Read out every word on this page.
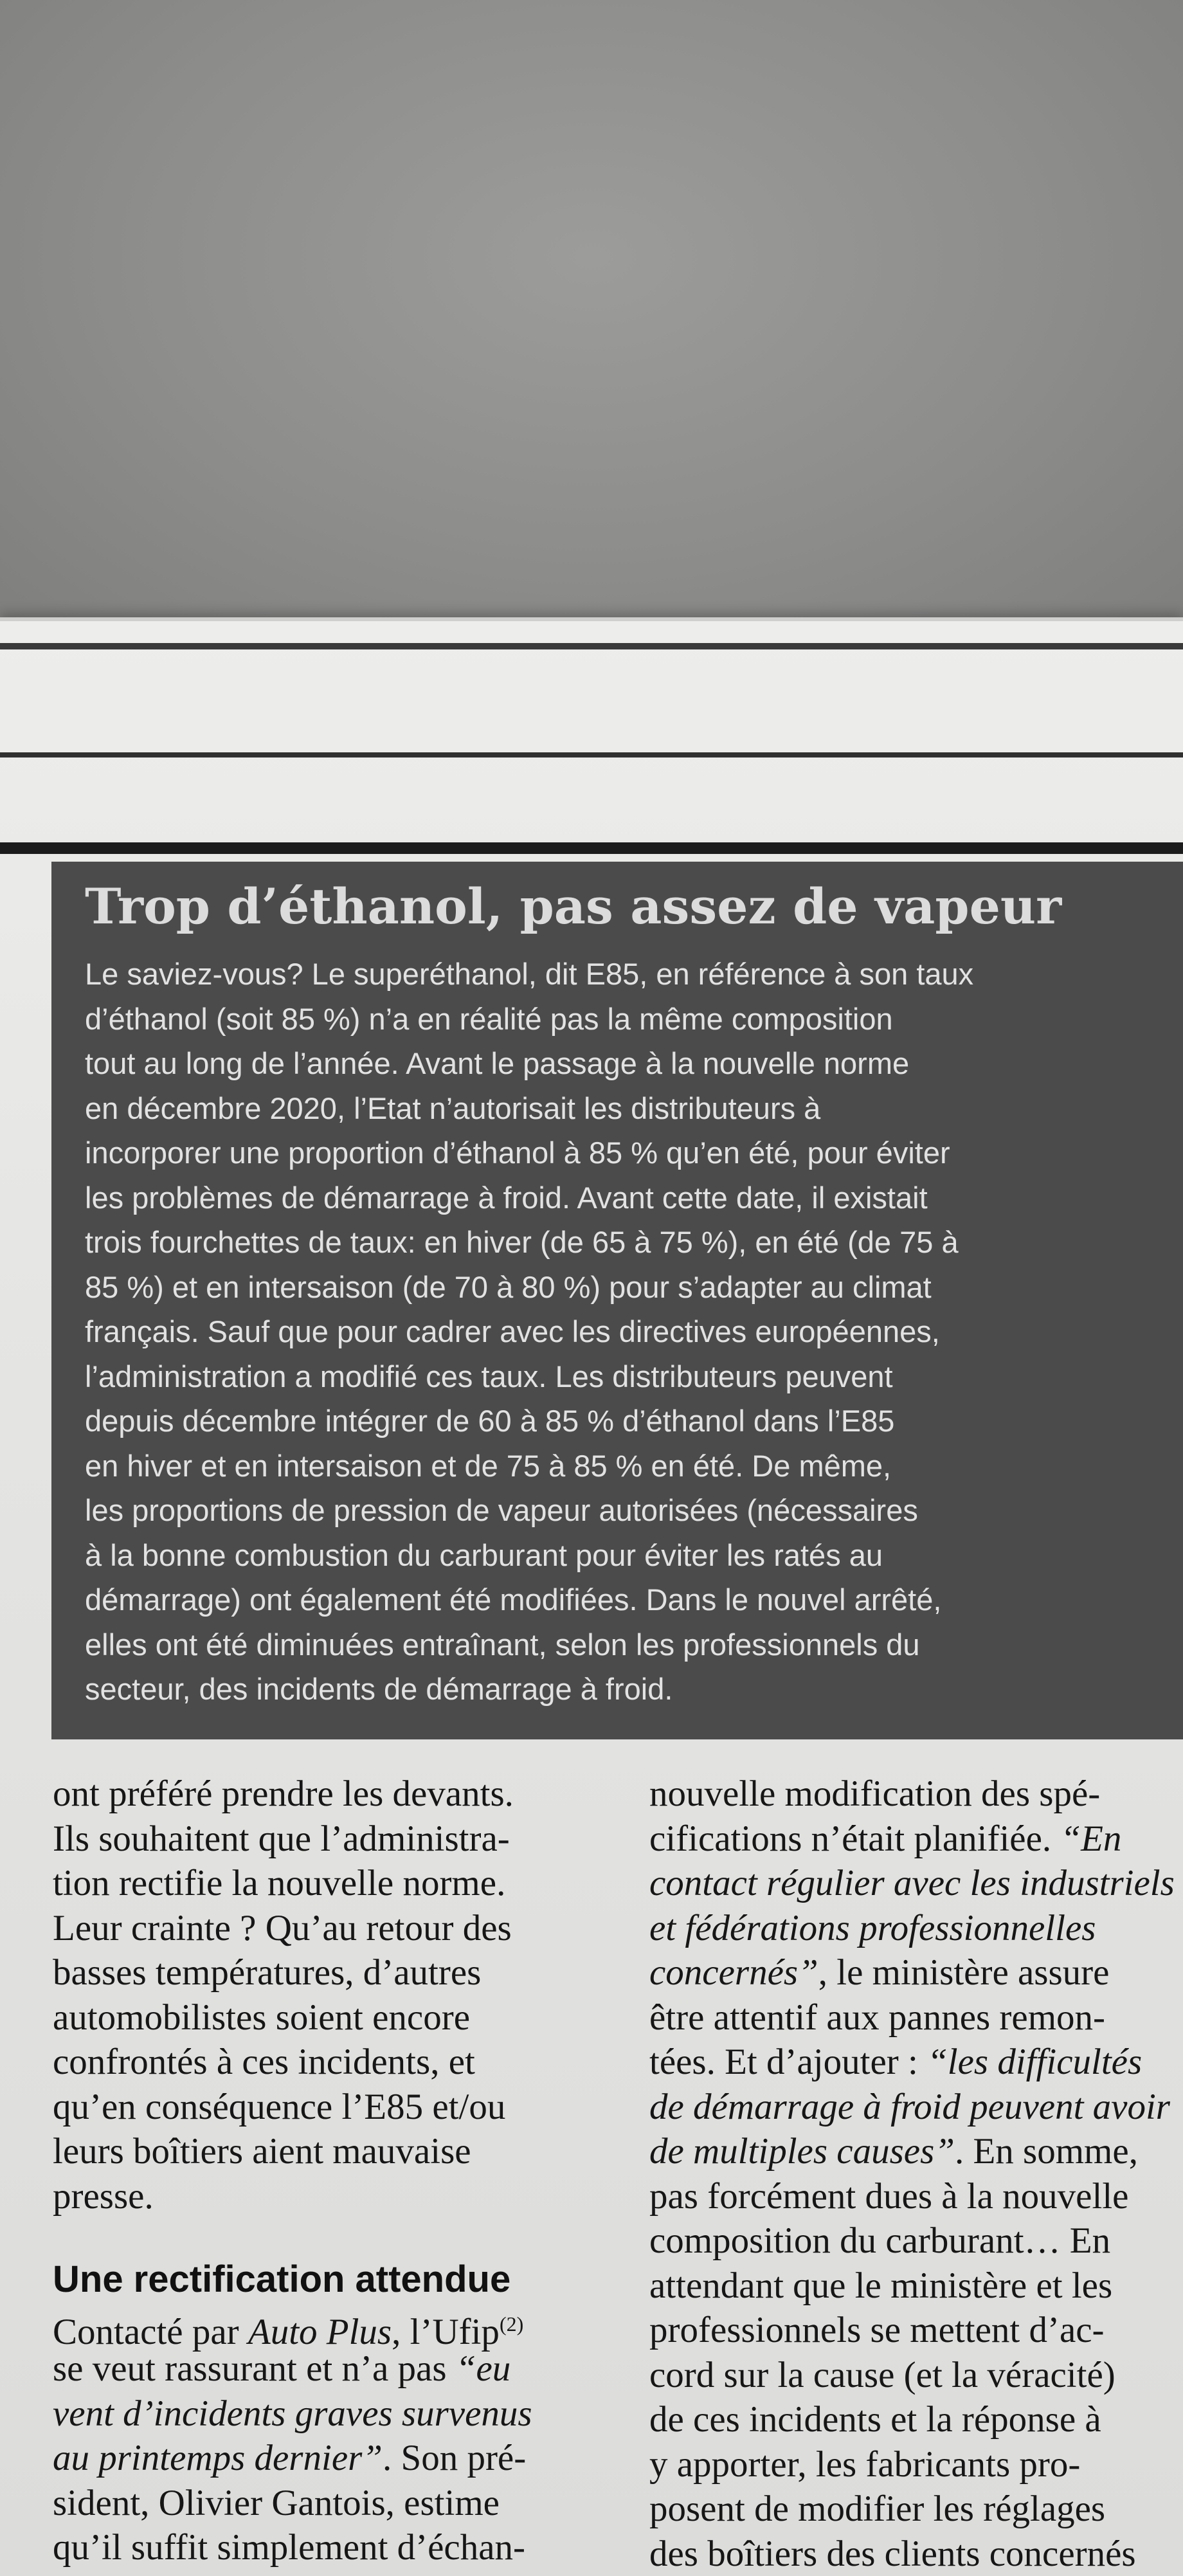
Trop d’éthanol, pas assez de vapeur
Le saviez-vous? Le superéthanol, dit E85, en référence à son taux
d’éthanol (soit 85 %) n’a en réalité pas la même composition
tout au long de l’année. Avant le passage à la nouvelle norme
en décembre 2020, l’Etat n’autorisait les distributeurs à
incorporer une proportion d’éthanol à 85 % qu’en été, pour éviter
les problèmes de démarrage à froid. Avant cette date, il existait
trois fourchettes de taux: en hiver (de 65 à 75 %), en été (de 75 à
85 %) et en intersaison (de 70 à 80 %) pour s’adapter au climat
français. Sauf que pour cadrer avec les directives européennes,
l’administration a modifié ces taux. Les distributeurs peuvent
depuis décembre intégrer de 60 à 85 % d’éthanol dans l’E85
en hiver et en intersaison et de 75 à 85 % en été. De même,
les proportions de pression de vapeur autorisées (nécessaires
à la bonne combustion du carburant pour éviter les ratés au
démarrage) ont également été modifiées. Dans le nouvel arrêté,
elles ont été diminuées entraînant, selon les professionnels du
secteur, des incidents de démarrage à froid.
ont préféré prendre les devants.
Ils souhaitent que l’administra-
tion rectifie la nouvelle norme.
Leur crainte ? Qu’au retour des
basses températures, d’autres
automobilistes soient encore
confrontés à ces incidents, et
qu’en conséquence l’E85 et/ou
leurs boîtiers aient mauvaise
presse.
Une rectification attendue
Contacté par Auto Plus, l’Ufip$^{(2)}$
se veut rassurant et n’a pas “eu
vent d’incidents graves survenus
au printemps dernier”. Son pré-
sident, Olivier Gantois, estime
qu’il suffit simplement d’échan-
nouvelle modification des spé-
cifications n’était planifiée. “En
contact régulier avec les industriels
et fédérations professionnelles
concernés”, le ministère assure
être attentif aux pannes remon-
tées. Et d’ajouter : “les difficultés
de démarrage à froid peuvent avoir
de multiples causes”. En somme,
pas forcément dues à la nouvelle
composition du carburant… En
attendant que le ministère et les
professionnels se mettent d’ac-
cord sur la cause (et la véracité)
de ces incidents et la réponse à
y apporter, les fabricants pro-
posent de modifier les réglages
des boîtiers des clients concernés
